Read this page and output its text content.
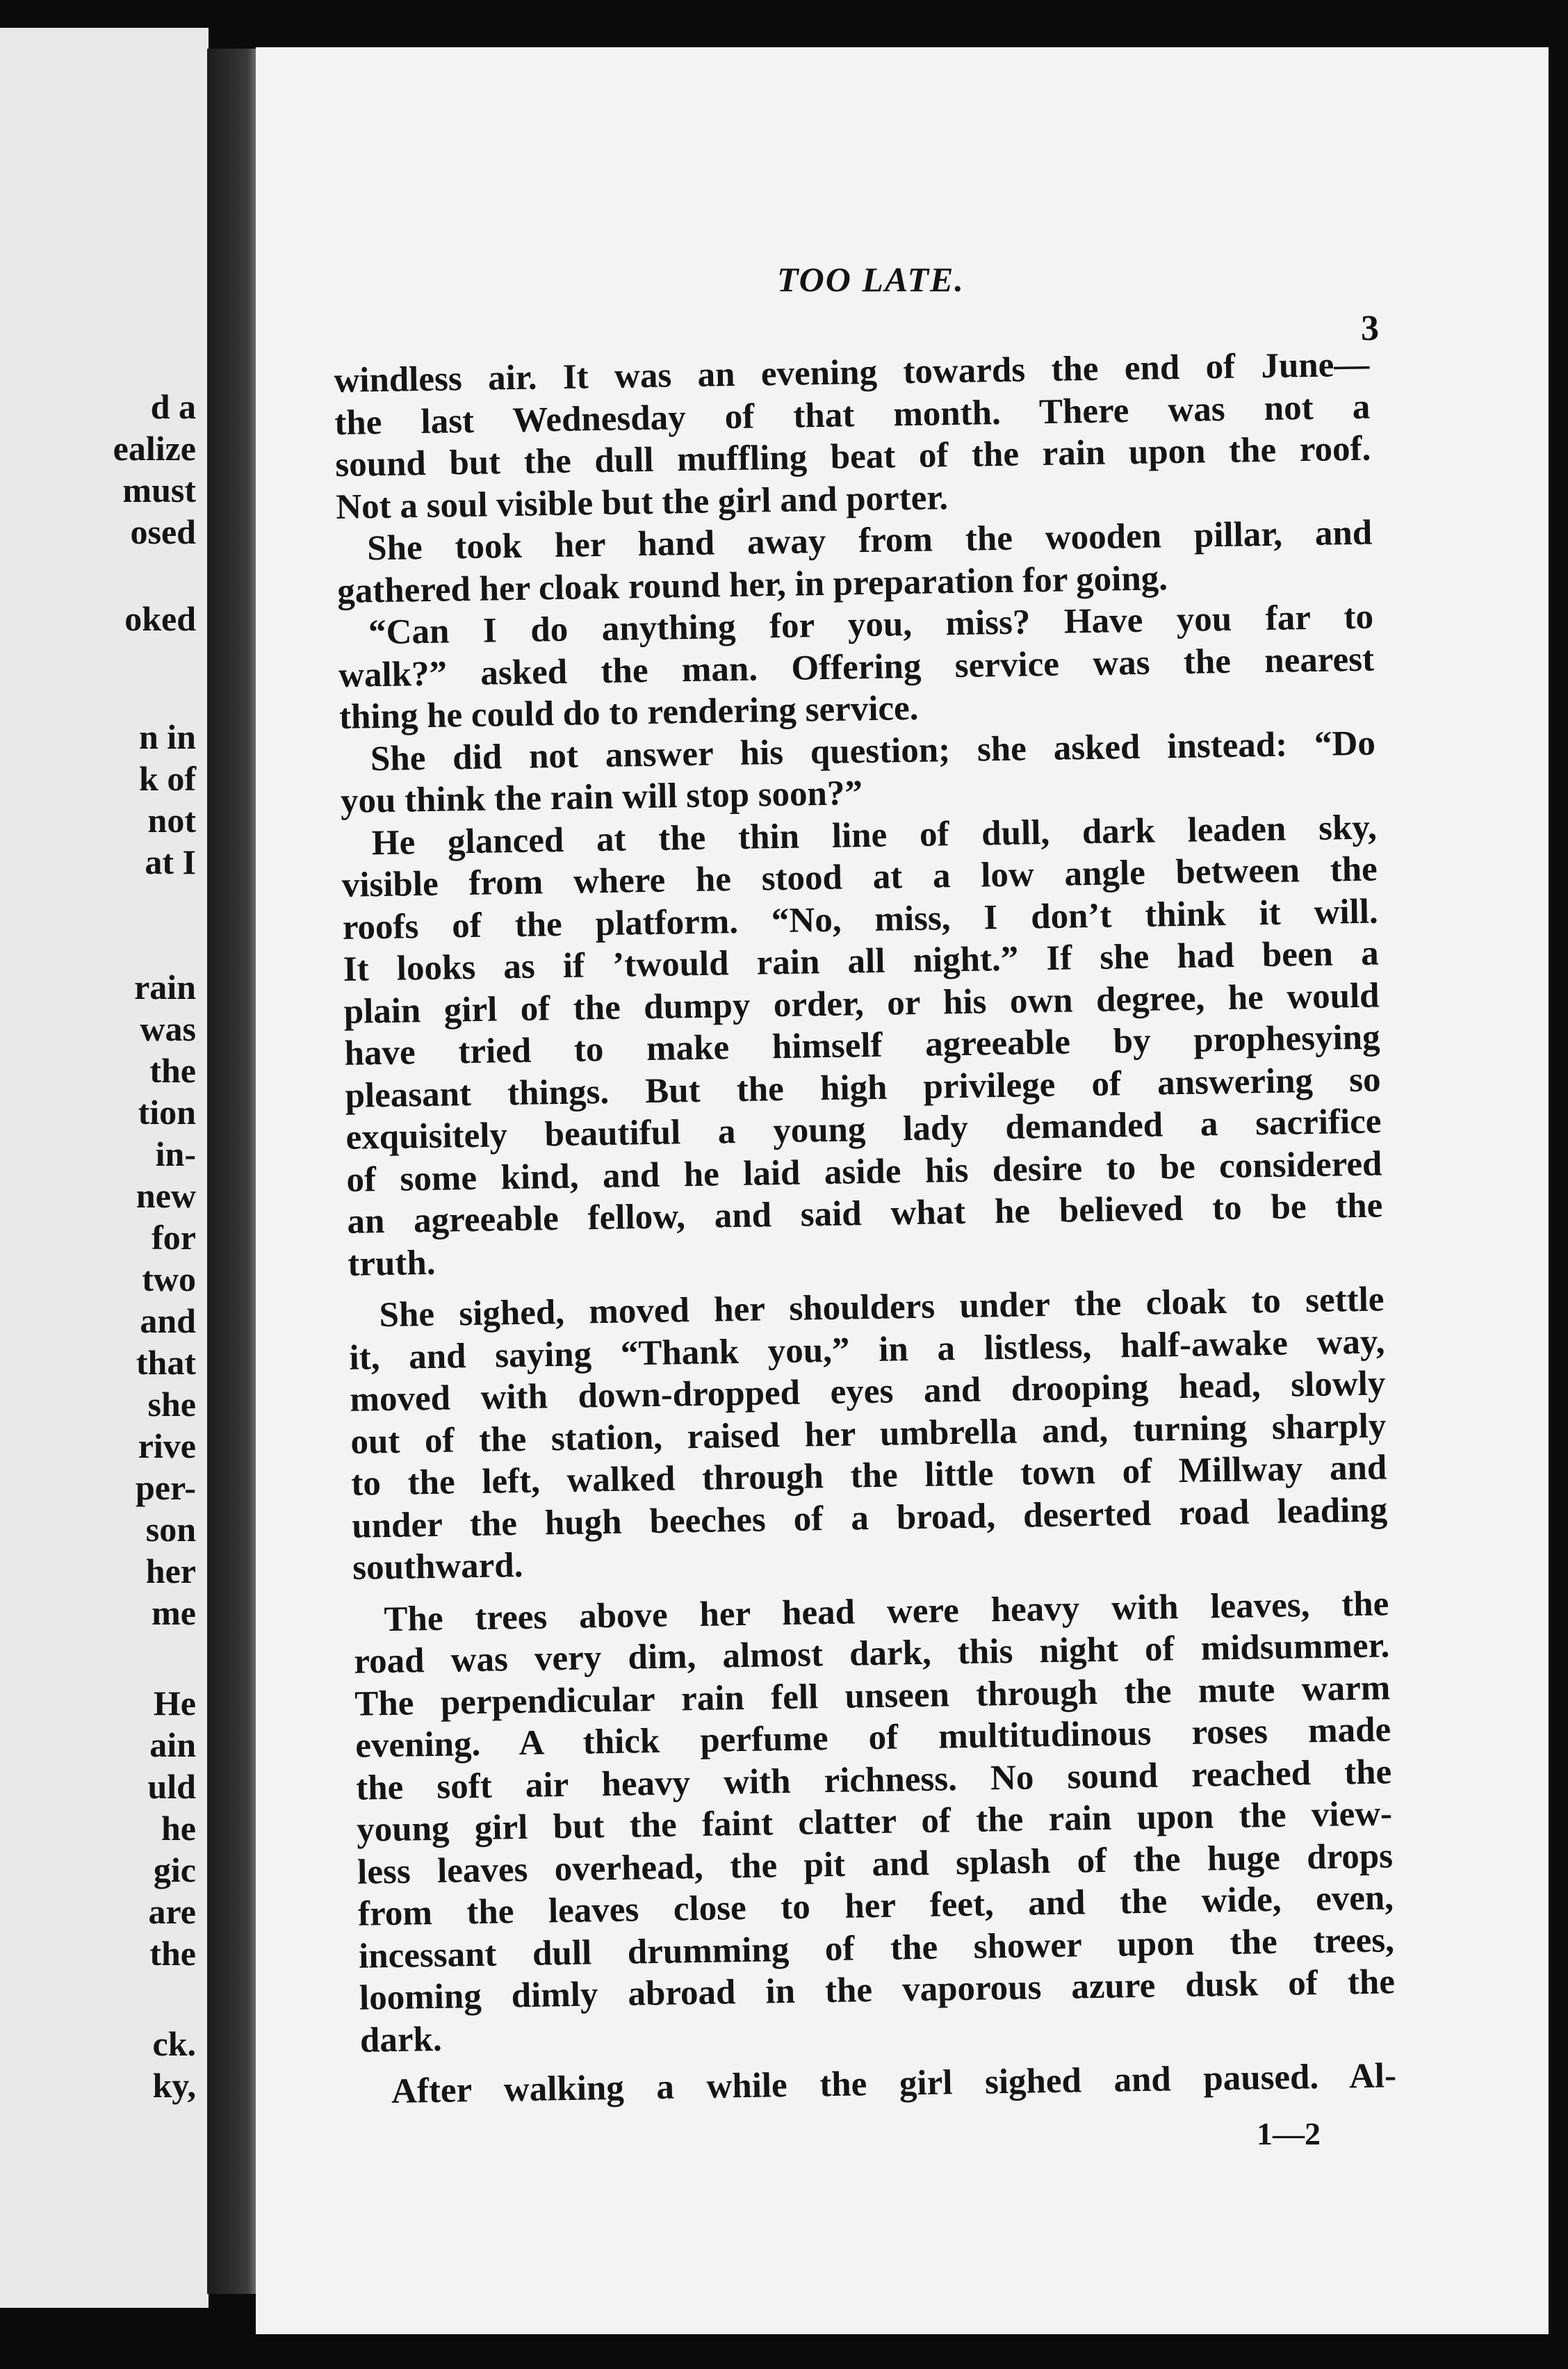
d a
ealize
must
osed
oked
n in
k of
not
at I
rain
was
the
tion
in-
new
for
two
and
that
she
rive
per-
son
her
me
He
ain
uld
he
gic
are
the
ck.
ky,
TOO LATE.
3
windless air. It was an evening towards the end of June—
the last Wednesday of that month. There was not a
sound but the dull muffling beat of the rain upon the roof.
Not a soul visible but the girl and porter.
She took her hand away from the wooden pillar, and
gathered her cloak round her, in preparation for going.
“Can I do anything for you, miss? Have you far to
walk?” asked the man. Offering service was the nearest
thing he could do to rendering service.
She did not answer his question; she asked instead: “Do
you think the rain will stop soon?”
He glanced at the thin line of dull, dark leaden sky,
visible from where he stood at a low angle between the
roofs of the platform. “No, miss, I don’t think it will.
It looks as if ’twould rain all night.” If she had been a
plain girl of the dumpy order, or his own degree, he would
have tried to make himself agreeable by prophesying
pleasant things. But the high privilege of answering so
exquisitely beautiful a young lady demanded a sacrifice
of some kind, and he laid aside his desire to be considered
an agreeable fellow, and said what he believed to be the
truth.
She sighed, moved her shoulders under the cloak to settle
it, and saying “Thank you,” in a listless, half-awake way,
moved with down-dropped eyes and drooping head, slowly
out of the station, raised her umbrella and, turning sharply
to the left, walked through the little town of Millway and
under the hugh beeches of a broad, deserted road leading
southward.
The trees above her head were heavy with leaves, the
road was very dim, almost dark, this night of midsummer.
The perpendicular rain fell unseen through the mute warm
evening. A thick perfume of multitudinous roses made
the soft air heavy with richness. No sound reached the
young girl but the faint clatter of the rain upon the view-
less leaves overhead, the pit and splash of the huge drops
from the leaves close to her feet, and the wide, even,
incessant dull drumming of the shower upon the trees,
looming dimly abroad in the vaporous azure dusk of the
dark.
After walking a while the girl sighed and paused. Al-
1—2
